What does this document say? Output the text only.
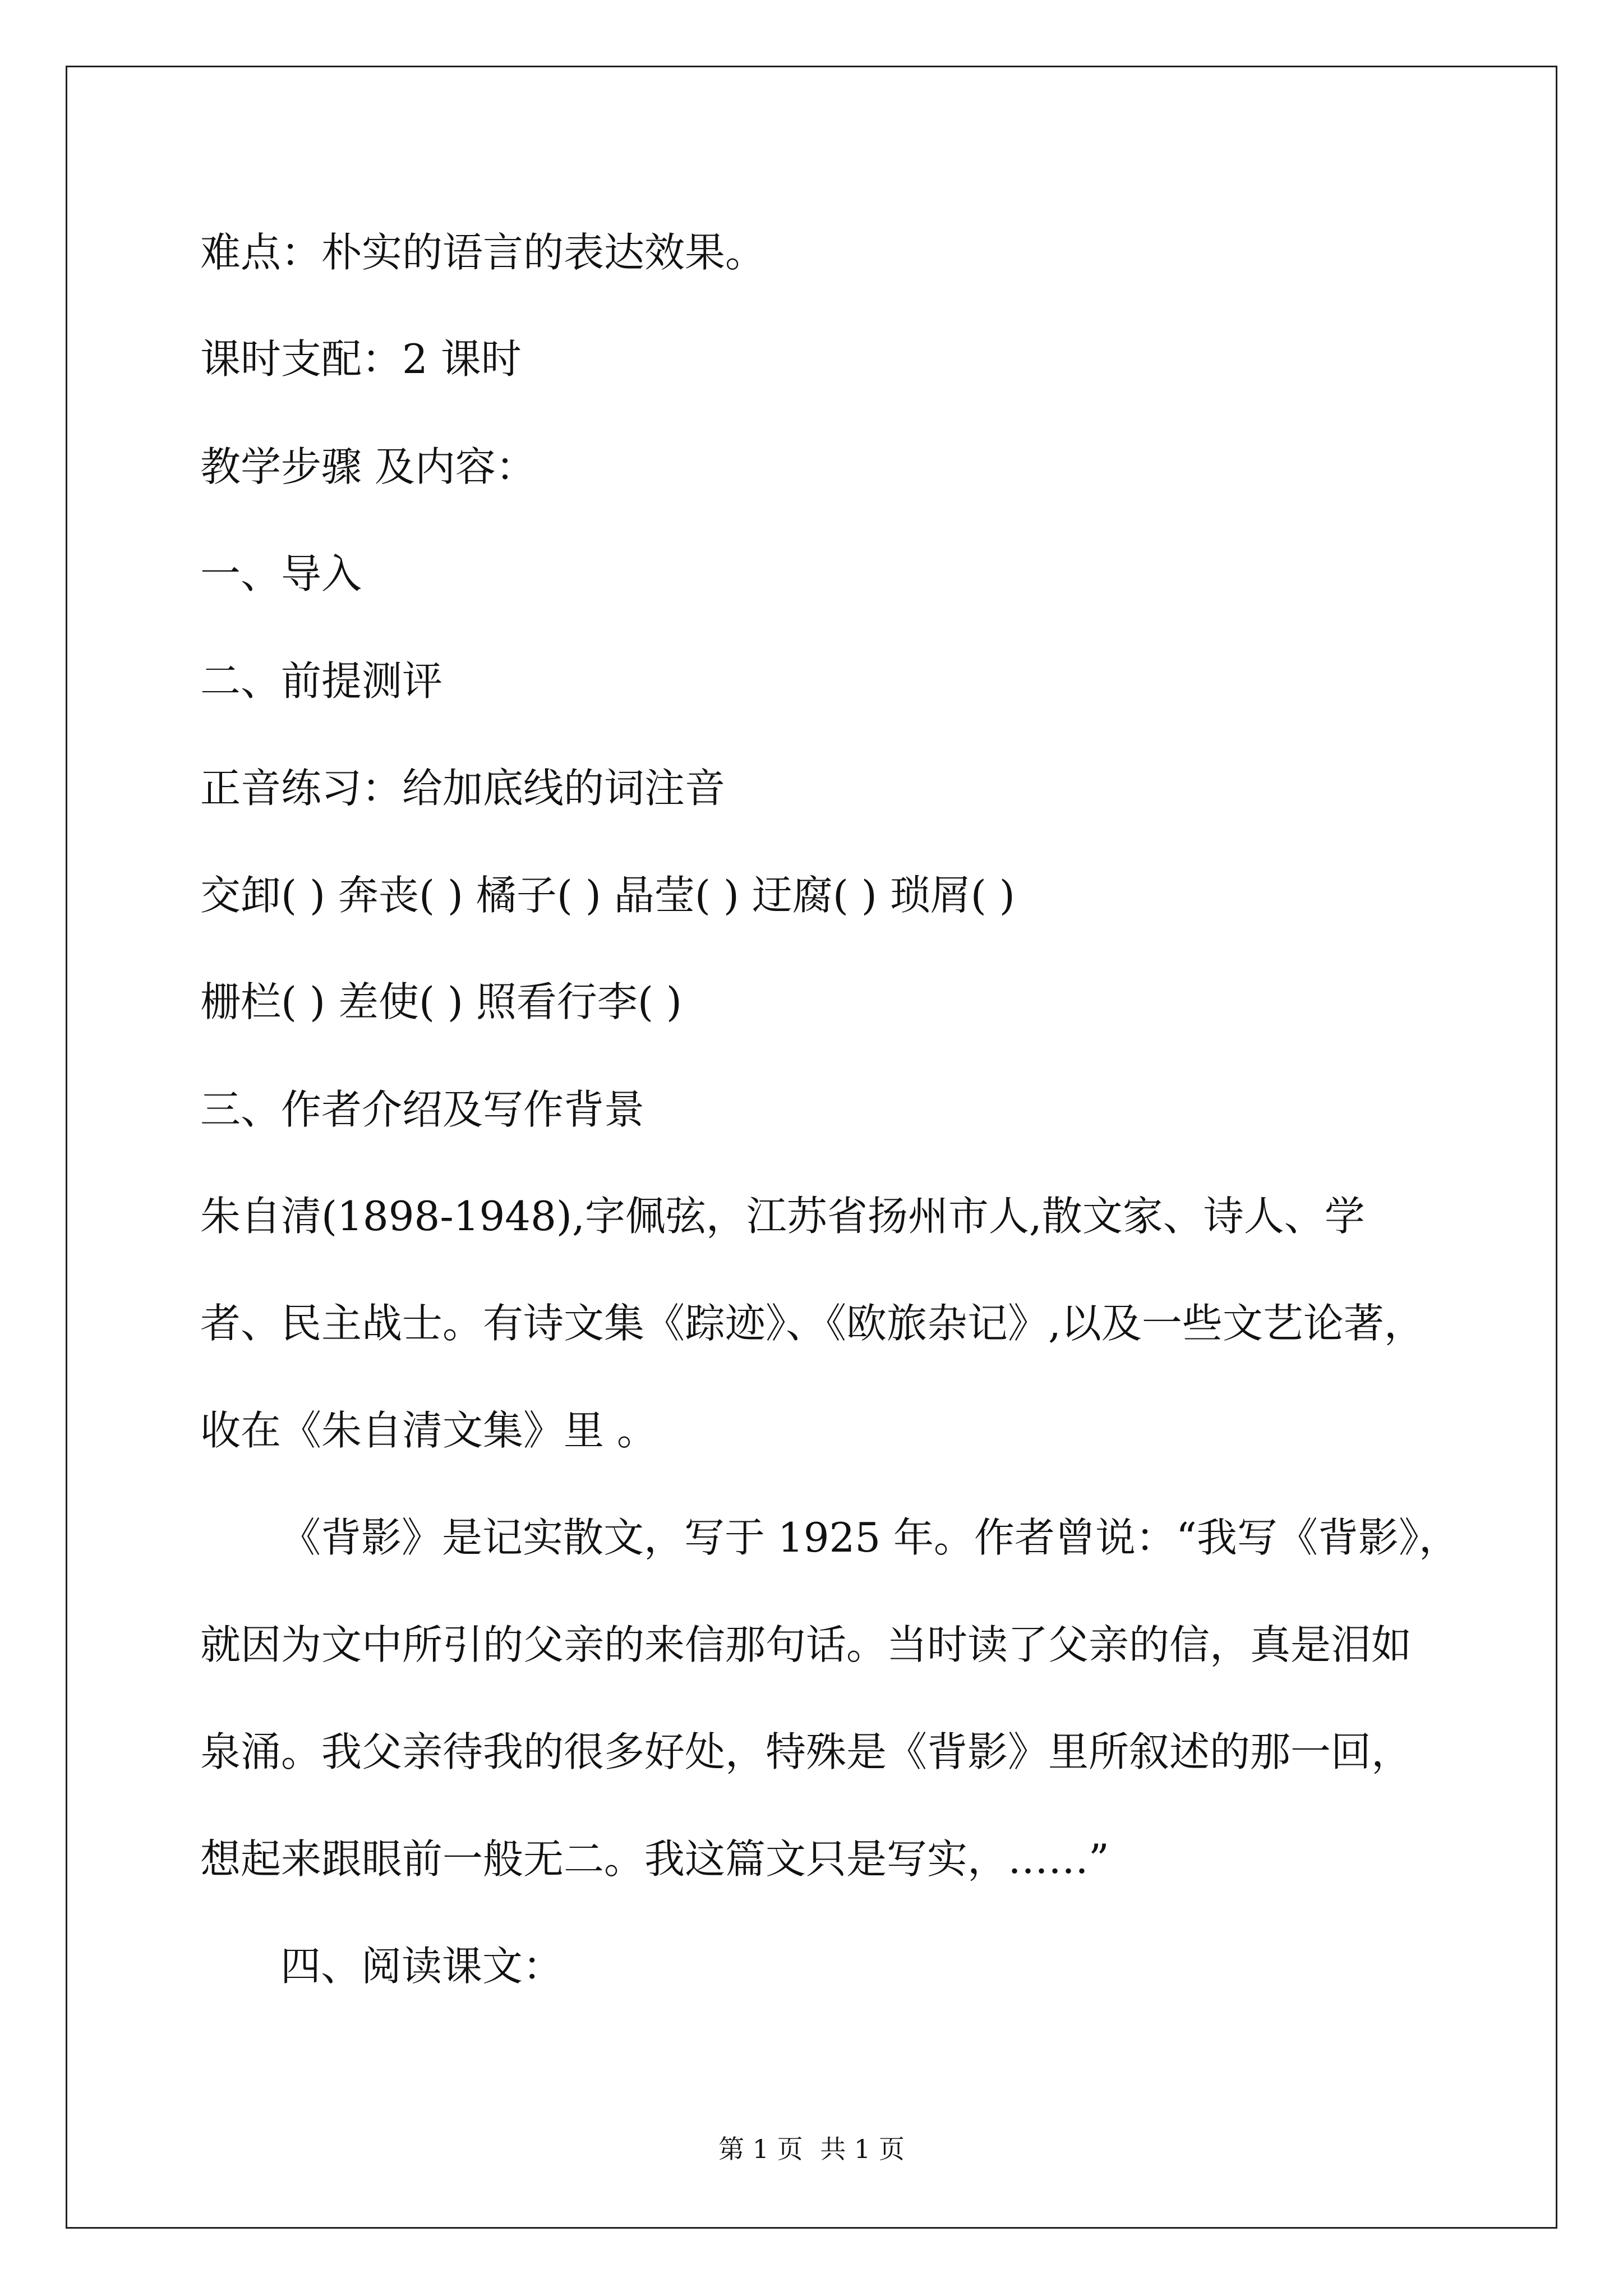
难点：朴实的语言的表达效果。

课时支配：2 课时

教学步骤 及内容：

一、导入

二、前提测评

正音练习：给加底线的词注音

交卸( ) 奔丧( ) 橘子( ) 晶莹( ) 迂腐( ) 琐屑( )

栅栏( ) 差使( ) 照看行李( )

三、作者介绍及写作背景

朱自清(1898-1948),字佩弦，江苏省扬州市人,散文家、诗人、学

者、民主战士。有诗文集《踪迹》、《欧旅杂记》,以及一些文艺论著，

收在《朱自清文集》里 。

《背影》是记实散文，写于 1925 年。作者曾说：“我写《背影》，

就因为文中所引的父亲的来信那句话。当时读了父亲的信，真是泪如

泉涌。我父亲待我的很多好处，特殊是《背影》里所叙述的那一回，

想起来跟眼前一般无二。我这篇文只是写实，……”

四、阅读课文：

第 1 页 共 1 页
